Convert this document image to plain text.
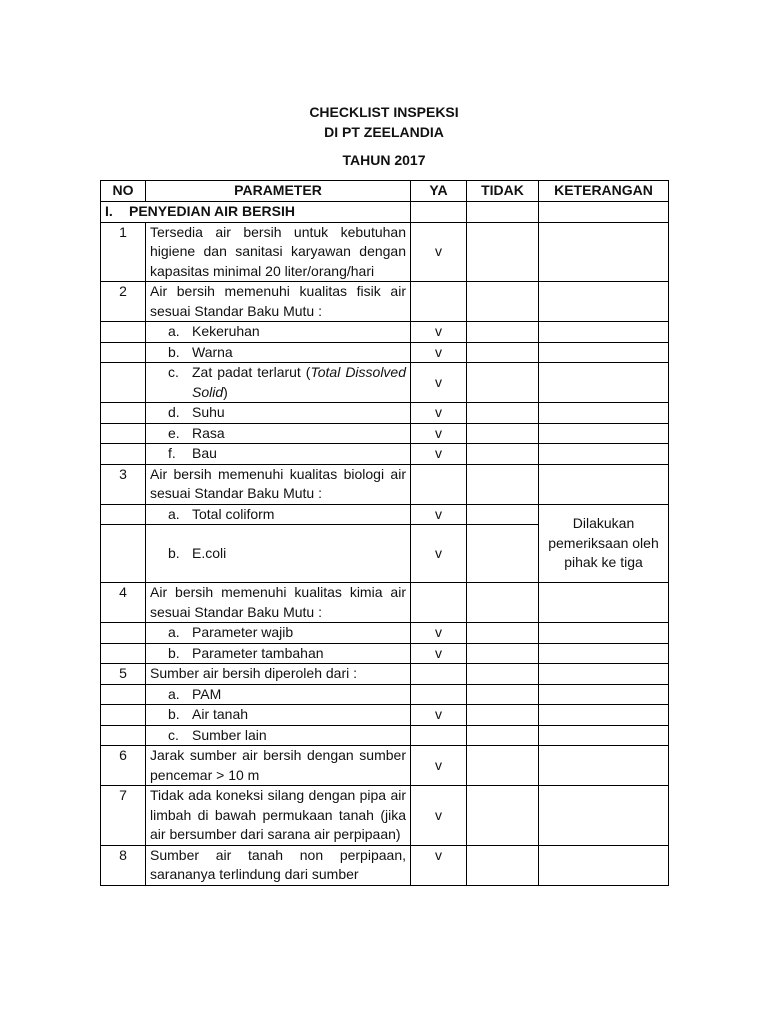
CHECKLIST INSPEKSI
DI PT ZEELANDIA
TAHUN 2017
NO	PARAMETER	YA	TIDAK	KETERANGAN
I. PENYEDIAN AIR BERSIH				
1	Tersedia air bersih untuk kebutuhan higiene dan sanitasi karyawan dengan kapasitas minimal 20 liter/orang/hari	v		
2	Air bersih memenuhi kualitas fisik air sesuai Standar Baku Mutu :			
	a. Kekeruhan	v		
	b. Warna	v		

	c. Zat padat terlarut (Total Dissolved Solid)	v		
	d. Suhu	v		
	e. Rasa	v		
	f. Bau	v		
3	Air bersih memenuhi kualitas biologi air sesuai Standar Baku Mutu :			
	a. Total coliform	v		Dilakukan pemeriksaan oleh pihak ke tiga
	b. E.coli	v		
4	Air bersih memenuhi kualitas kimia air sesuai Standar Baku Mutu :			
	a. Parameter wajib	v		
	b. Parameter tambahan	v		
5	Sumber air bersih diperoleh dari :			
	a. PAM			
	b. Air tanah	v		
	c. Sumber lain			
6	Jarak sumber air bersih dengan sumber pencemar > 10 m	v		
7	Tidak ada koneksi silang dengan pipa air limbah di bawah permukaan tanah (jika air bersumber dari sarana air perpipaan)	v		
8	Sumber air tanah non perpipaan, sarananya terlindung dari sumber	v		
